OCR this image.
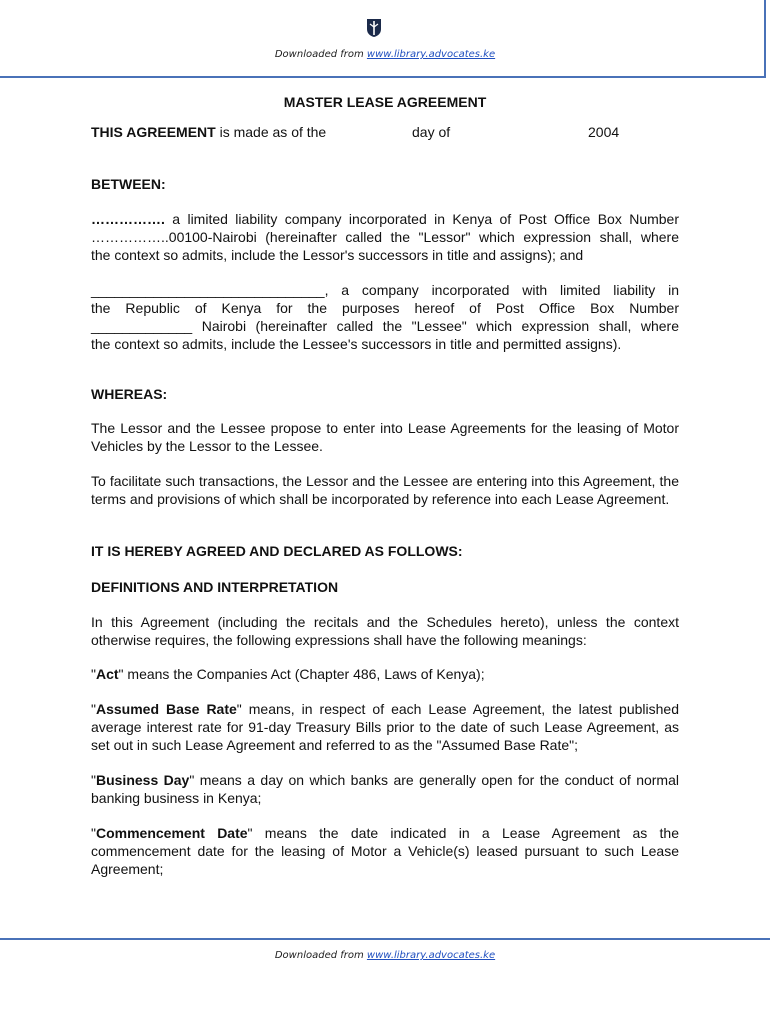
Downloaded from www.library.advocates.ke

MASTER LEASE AGREEMENT

THIS AGREEMENT is made as of the	day of	2004

BETWEEN:

……………. a limited liability company incorporated in Kenya of Post Office Box Number

……………..00100-Nairobi (hereinafter called the "Lessor" which expression shall, where

the context so admits, include the Lessor's successors in title and assigns); and

______________________________, a company incorporated with limited liability in

the Republic of Kenya for the purposes hereof of Post Office Box Number

_____________ Nairobi (hereinafter called the "Lessee" which expression shall, where

the context so admits, include the Lessee's successors in title and permitted assigns).

WHEREAS:

The Lessor and the Lessee propose to enter into Lease Agreements for the leasing of Motor Vehicles by the Lessor to the Lessee.

To facilitate such transactions, the Lessor and the Lessee are entering into this Agreement, the terms and provisions of which shall be incorporated by reference into each Lease Agreement.

IT IS HEREBY AGREED AND DECLARED AS FOLLOWS:

DEFINITIONS AND INTERPRETATION

In this Agreement (including the recitals and the Schedules hereto), unless the context otherwise requires, the following expressions shall have the following meanings:

"Act" means the Companies Act (Chapter 486, Laws of Kenya);

"Assumed Base Rate" means, in respect of each Lease Agreement, the latest published average interest rate for 91-day Treasury Bills prior to the date of such Lease Agreement, as set out in such Lease Agreement and referred to as the "Assumed Base Rate";

"Business Day" means a day on which banks are generally open for the conduct of normal banking business in Kenya;

"Commencement Date" means the date indicated in a Lease Agreement as the commencement date for the leasing of Motor a Vehicle(s) leased pursuant to such Lease Agreement;

Downloaded from www.library.advocates.ke
